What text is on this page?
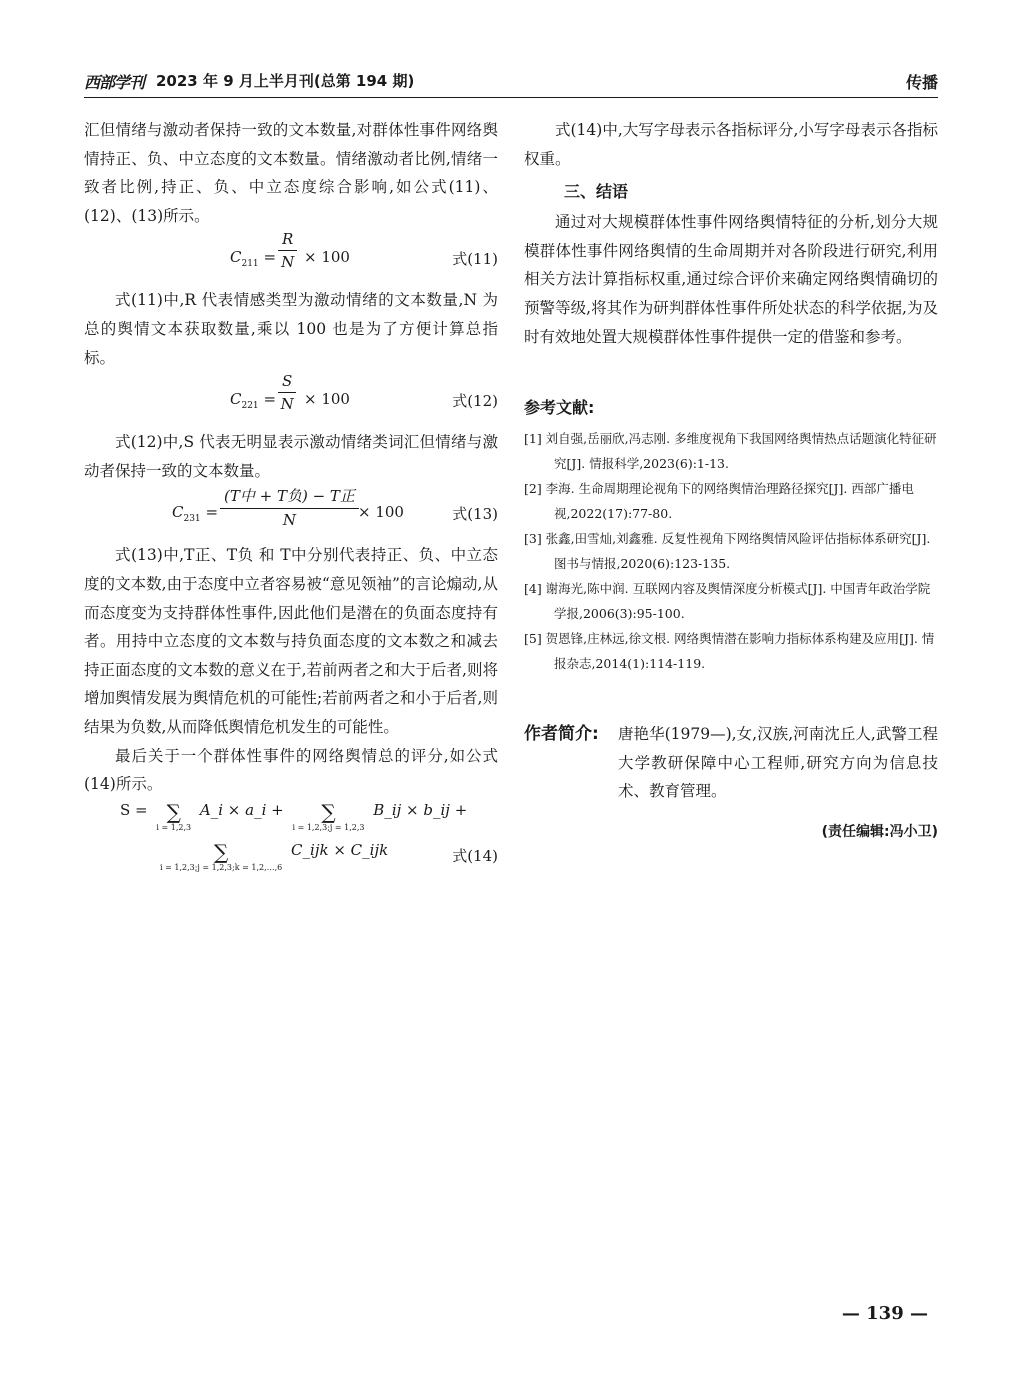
西部学刊 2023 年 9 月上半月刊(总第 194 期)	传播

汇但情绪与激动者保持一致的文本数量,对群体性事件网络舆情持正、负、中立态度的文本数量。情绪激动者比例,情绪一致者比例,持正、负、中立态度综合影响,如公式(11)、(12)、(13)所示。

$C_{211} = \frac{R}{N} \times 100$	式(11)

式(11)中,R 代表情感类型为激动情绪的文本数量,N 为总的舆情文本获取数量,乘以 100 也是为了方便计算总指标。

$C_{221} = \frac{S}{N} \times 100$	式(12)

式(12)中,S 代表无明显表示激动情绪类词汇但情绪与激动者保持一致的文本数量。

$C_{231}$ =
(T中 + T负) − T正
N	× 100	式(13)

式(13)中,T正、T负 和 T中分别代表持正、负、中立态度的文本数,由于态度中立者容易被“意见领袖”的言论煽动,从而态度变为支持群体性事件,因此他们是潜在的负面态度持有者。用持中立态度的文本数与持负面态度的文本数之和减去持正面态度的文本数的意义在于,若前两者之和大于后者,则将增加舆情发展为舆情危机的可能性;若前两者之和小于后者,则结果为负数,从而降低舆情危机发生的可能性。

最后关于一个群体性事件的网络舆情总的评分,如公式(14)所示。

S = ∑
i = 1,2,3
A_i × a_i +	∑
i = 1,2,3;j = 1,2,3
B_ij × b_ij +
∑
i = 1,2,3;j = 1,2,3;k = 1,2,…,6
C_ijk × C_ijk	式(14)

式(14)中,大写字母表示各指标评分,小写字母表示各指标权重。

三、结语

通过对大规模群体性事件网络舆情特征的分析,划分大规模群体性事件网络舆情的生命周期并对各阶段进行研究,利用相关方法计算指标权重,通过综合评价来确定网络舆情确切的预警等级,将其作为研判群体性事件所处状态的科学依据,为及时有效地处置大规模群体性事件提供一定的借鉴和参考。

参考文献:

[1] 刘自强,岳丽欣,冯志刚. 多维度视角下我国网络舆情热点话题演化特征研究[J]. 情报科学,2023(6):1-13.

[2] 李海. 生命周期理论视角下的网络舆情治理路径探究[J]. 西部广播电视,2022(17):77-80.

[3] 张鑫,田雪灿,刘鑫雅. 反复性视角下网络舆情风险评估指标体系研究[J]. 图书与情报,2020(6):123-135.

[4] 谢海光,陈中润. 互联网内容及舆情深度分析模式[J]. 中国青年政治学院学报,2006(3):95-100.

[5] 贺恩锋,庄林远,徐文根. 网络舆情潜在影响力指标体系构建及应用[J]. 情报杂志,2014(1):114-119.

作者简介: 唐艳华(1979—),女,汉族,河南沈丘人,武警工程大学教研保障中心工程师,研究方向为信息技术、教育管理。

(责任编辑:冯小卫)
— 139 —
